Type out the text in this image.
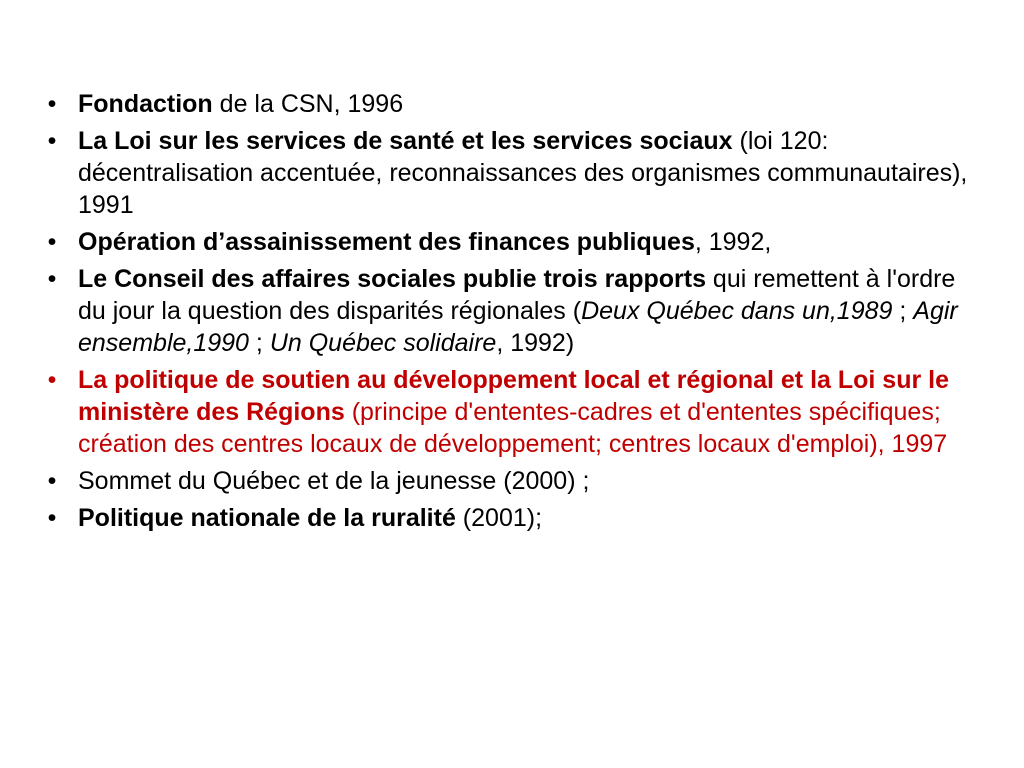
• Fondaction de la CSN, 1996
• La Loi sur les services de santé et les services sociaux (loi 120: décentralisation accentuée, reconnaissances des organismes communautaires), 1991
• Opération d’assainissement des finances publiques, 1992,
• Le Conseil des affaires sociales publie trois rapports qui remettent à l'ordre du jour la question des disparités régionales (Deux Québec dans un,1989 ; Agir ensemble,1990 ; Un Québec solidaire, 1992)
• La politique de soutien au développement local et régional et la Loi sur le ministère des Régions (principe d'ententes-cadres et d'ententes spécifiques; création des centres locaux de développement; centres locaux d'emploi), 1997
• Sommet du Québec et de la jeunesse (2000) ;
• Politique nationale de la ruralité (2001);
